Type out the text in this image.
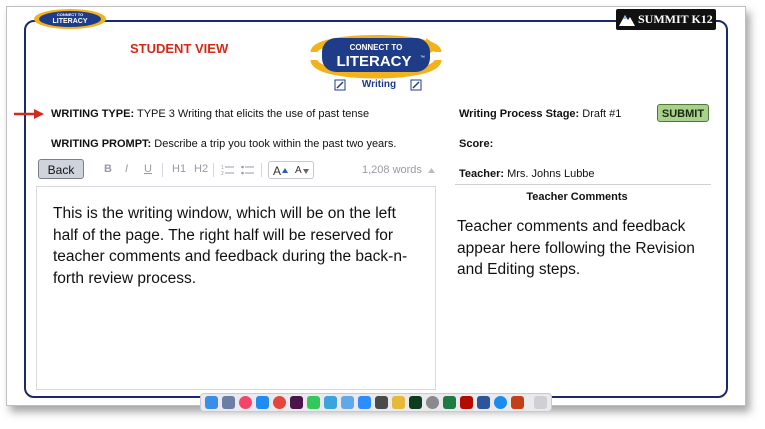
CONNECT TO
LITERACY	SUMMIT K12
STUDENT VIEW	CONNECT TO
LITERACY ™
Writing
WRITING TYPE: TYPE 3 Writing that elicits the use of past tense
WRITING PROMPT: Describe a trip you took within the past two years.
Writing Process Stage: Draft #1	SUBMIT
Score:
Teacher: Mrs. Johns Lubbe
Back	B I U H1 H2	1
2	A A	1,208 words
This is the writing window, which will be on the left half of the page. The right half will be reserved for teacher comments and feedback during the back-n-forth review process.
Teacher Comments
Teacher comments and feedback appear here following the Revision and Editing steps.
